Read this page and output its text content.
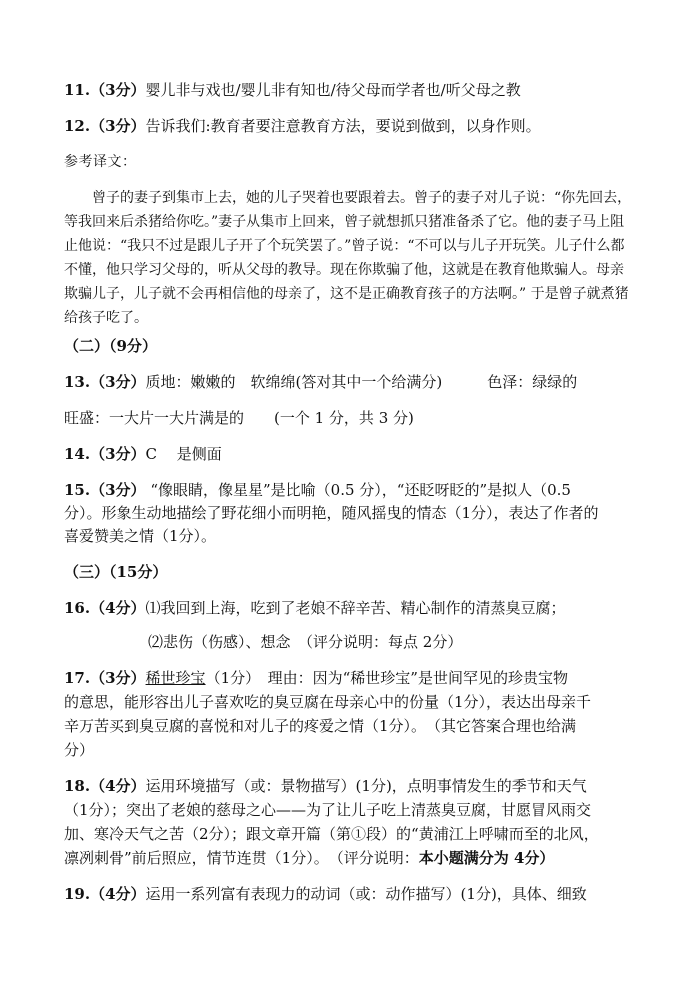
11.（3分）婴儿非与戏也/婴儿非有知也/待父母而学者也/听父母之教
12.（3分）告诉我们:教育者要注意教育方法，要说到做到，以身作则。
参考译文：
曾子的妻子到集市上去，她的儿子哭着也要跟着去。曾子的妻子对儿子说：“你先回去，等我回来后杀猪给你吃。”妻子从集市上回来，曾子就想抓只猪准备杀了它。他的妻子马上阻止他说：“我只不过是跟儿子开了个玩笑罢了。”曾子说：“不可以与儿子开玩笑。儿子什么都不懂，他只学习父母的，听从父母的教导。现在你欺骗了他，这就是在教育他欺骗人。母亲欺骗儿子，儿子就不会再相信他的母亲了，这不是正确教育孩子的方法啊。” 于是曾子就煮猪给孩子吃了。
（二）（9分）
13.（3分）质地：嫩嫩的　软绵绵(答对其中一个给满分)　　　色泽：绿绿的
旺盛：一大片一大片满是的　　(一个 1 分，共 3 分)
14.（3分）C　 是侧面
15.（3分） “像眼睛，像星星”是比喻（0.5 分），“还眨呀眨的”是拟人（0.5
分）。形象生动地描绘了野花细小而明艳，随风摇曳的情态（1分），表达了作者的
喜爱赞美之情（1分）。
（三）（15分）
16.（4分）⑴我回到上海，吃到了老娘不辞辛苦、精心制作的清蒸臭豆腐；
⑵悲伤（伤感）、想念　（评分说明：每点 2分）
17.（3分）稀世珍宝（1分）　理由：因为“稀世珍宝”是世间罕见的珍贵宝物
的意思，能形容出儿子喜欢吃的臭豆腐在母亲心中的份量（1分），表达出母亲千
辛万苦买到臭豆腐的喜悦和对儿子的疼爱之情（1分）。　（其它答案合理也给满
分）
18.（4分）运用环境描写（或：景物描写）(1分)，点明事情发生的季节和天气
（1分）；突出了老娘的慈母之心——为了让儿子吃上清蒸臭豆腐，甘愿冒风雨交
加、寒冷天气之苦（2分）；跟文章开篇（第①段）的“黄浦江上呼啸而至的北风，
凛冽刺骨”前后照应，情节连贯（1分）。　（评分说明：本小题满分为 4分）
19.（4分）运用一系列富有表现力的动词（或：动作描写）(1分)，具体、细致
